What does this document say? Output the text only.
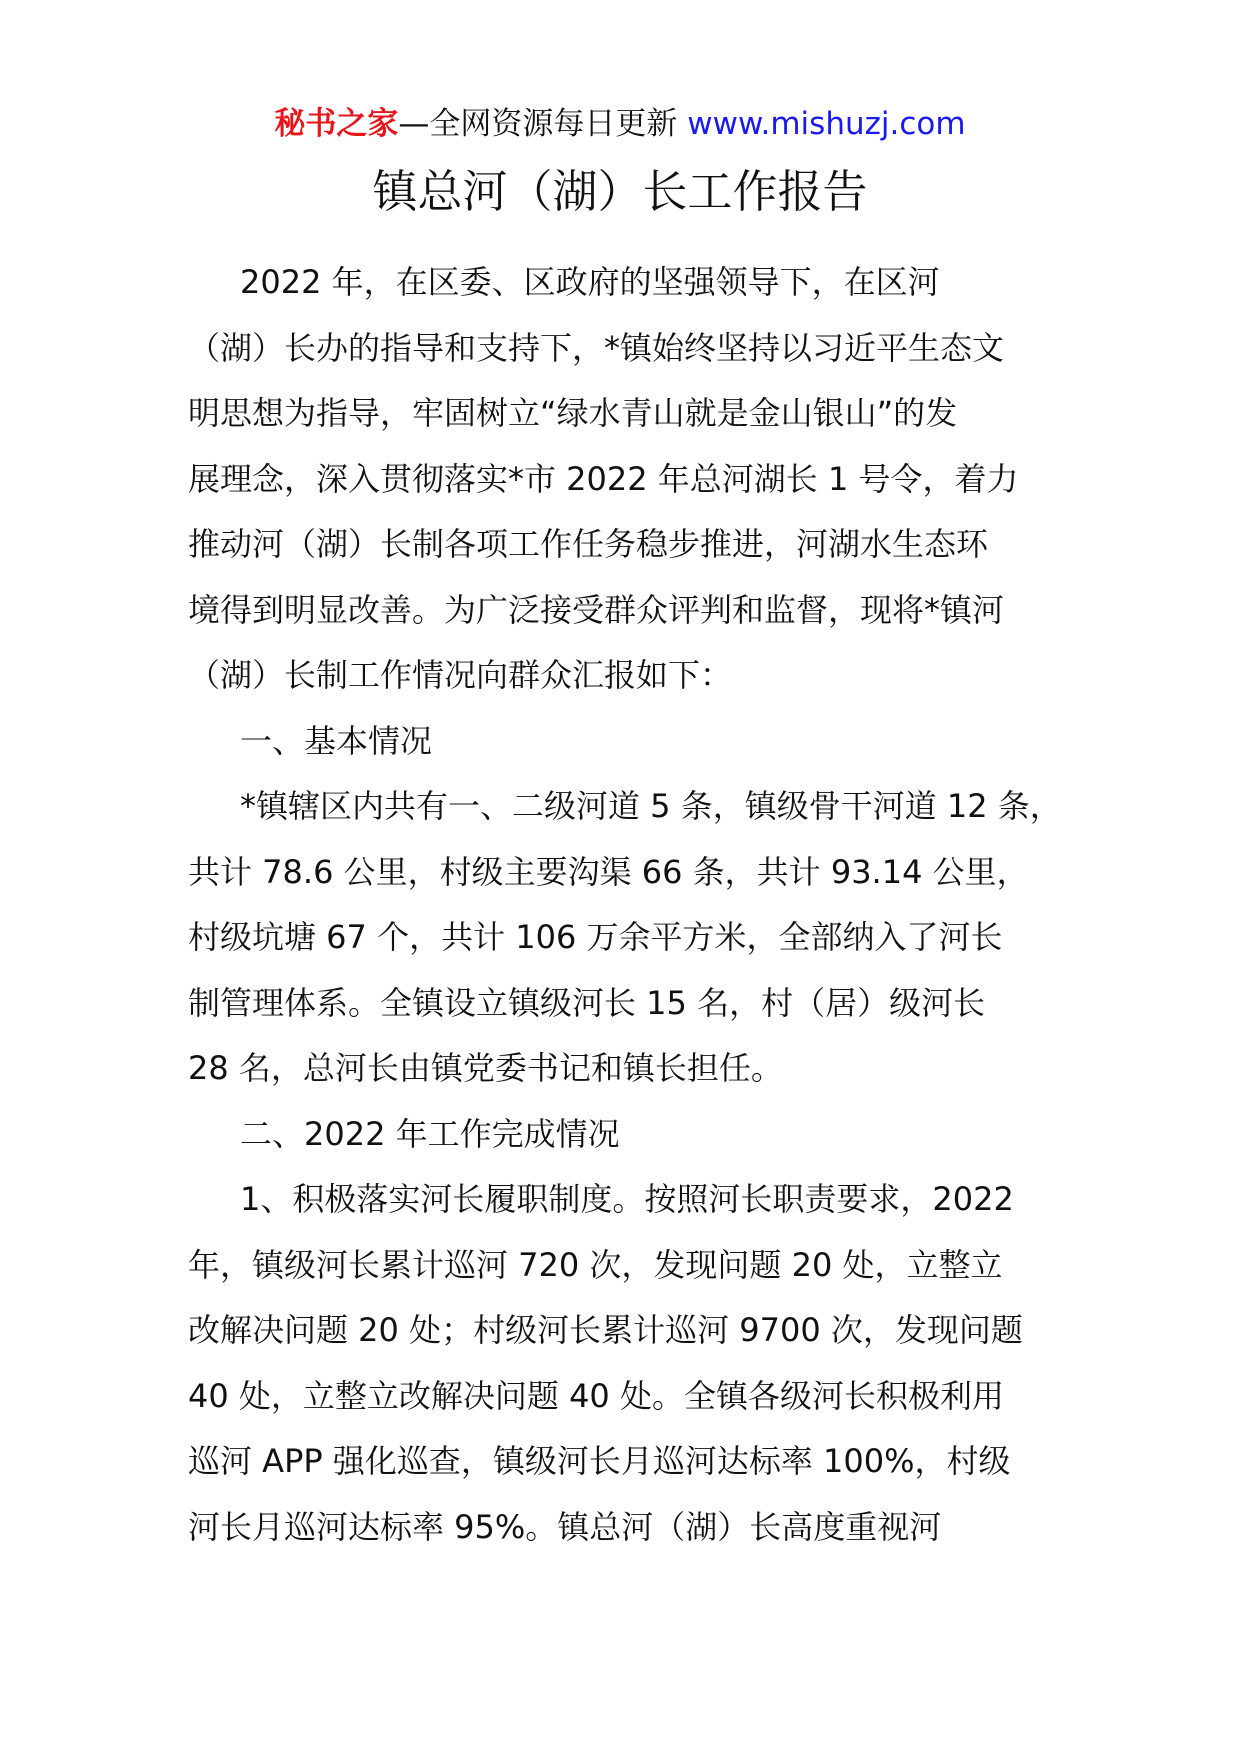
秘书之家—全网资源每日更新 www.mishuzj.com
镇总河（湖）长工作报告
2022 年，在区委、区政府的坚强领导下，在区河
（湖）长办的指导和支持下，*镇始终坚持以习近平生态文
明思想为指导，牢固树立“绿水青山就是金山银山”的发
展理念，深入贯彻落实*市 2022 年总河湖长 1 号令，着力
推动河（湖）长制各项工作任务稳步推进，河湖水生态环
境得到明显改善。为广泛接受群众评判和监督，现将*镇河
（湖）长制工作情况向群众汇报如下：
一、基本情况
*镇辖区内共有一、二级河道 5 条，镇级骨干河道 12 条，
共计 78.6 公里，村级主要沟渠 66 条，共计 93.14 公里，
村级坑塘 67 个，共计 106 万余平方米，全部纳入了河长
制管理体系。全镇设立镇级河长 15 名，村（居）级河长
28 名，总河长由镇党委书记和镇长担任。
二、2022 年工作完成情况
1、积极落实河长履职制度。按照河长职责要求，2022
年，镇级河长累计巡河 720 次，发现问题 20 处，立整立
改解决问题 20 处；村级河长累计巡河 9700 次，发现问题
40 处，立整立改解决问题 40 处。全镇各级河长积极利用
巡河 APP 强化巡查，镇级河长月巡河达标率 100%，村级
河长月巡河达标率 95%。镇总河（湖）长高度重视河
